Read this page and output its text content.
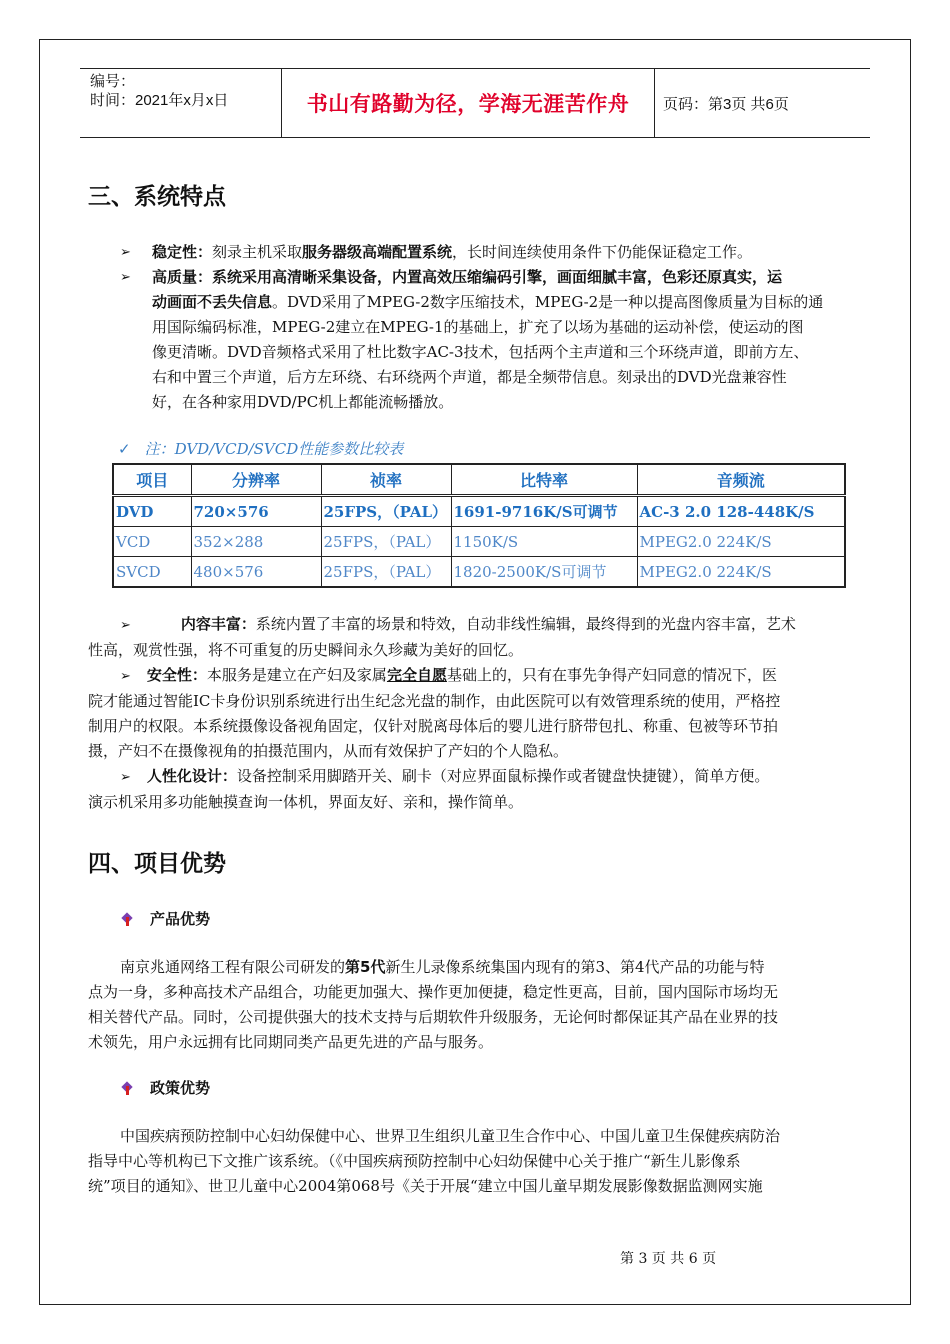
编号：
时间：2021年x月x日	书山有路勤为径，学海无涯苦作舟	页码：第3页 共6页
三、系统特点
➢	稳定性：刻录主机采取服务器级高端配置系统，长时间连续使用条件下仍能保证稳定工作。
➢	高质量：系统采用高清晰采集设备，内置高效压缩编码引擎，画面细腻丰富，色彩还原真实，运
动画面不丢失信息。DVD采用了MPEG-2数字压缩技术，MPEG-2是一种以提高图像质量为目标的通
用国际编码标准，MPEG-2建立在MPEG-1的基础上，扩充了以场为基础的运动补偿，使运动的图
像更清晰。DVD音频格式采用了杜比数字AC-3技术，包括两个主声道和三个环绕声道，即前方左、
右和中置三个声道，后方左环绕、右环绕两个声道，都是全频带信息。刻录出的DVD光盘兼容性
好，在各种家用DVD/PC机上都能流畅播放。
✓ 注：DVD/VCD/SVCD性能参数比较表
项目	分辨率	祯率	比特率	音频流
DVD	720×576	25FPS，（PAL）	1691-9716K/S可调节	AC-3 2.0 128-448K/S
VCD	352×288	25FPS，（PAL）	1150K/S	MPEG2.0 224K/S
SVCD	480×576	25FPS，（PAL）	1820-2500K/S可调节	MPEG2.0 224K/S
➢	内容丰富：系统内置了丰富的场景和特效，自动非线性编辑，最终得到的光盘内容丰富，艺术
性高，观赏性强，将不可重复的历史瞬间永久珍藏为美好的回忆。
➢ 安全性：本服务是建立在产妇及家属完全自愿基础上的，只有在事先争得产妇同意的情况下，医
院才能通过智能IC卡身份识别系统进行出生纪念光盘的制作，由此医院可以有效管理系统的使用，严格控
制用户的权限。本系统摄像设备视角固定，仅针对脱离母体后的婴儿进行脐带包扎、称重、包被等环节拍
摄，产妇不在摄像视角的拍摄范围内，从而有效保护了产妇的个人隐私。
➢ 人性化设计：设备控制采用脚踏开关、刷卡（对应界面鼠标操作或者键盘快捷键），简单方便。
演示机采用多功能触摸查询一体机，界面友好、亲和，操作简单。
四、项目优势
产品优势
南京兆通网络工程有限公司研发的第5代新生儿录像系统集国内现有的第3、第4代产品的功能与特
点为一身，多种高技术产品组合，功能更加强大、操作更加便捷，稳定性更高，目前，国内国际市场均无
相关替代产品。同时，公司提供强大的技术支持与后期软件升级服务，无论何时都保证其产品在业界的技
术领先，用户永远拥有比同期同类产品更先进的产品与服务。
政策优势
中国疾病预防控制中心妇幼保健中心、世界卫生组织儿童卫生合作中心、中国儿童卫生保健疾病防治
指导中心等机构已下文推广该系统。（《中国疾病预防控制中心妇幼保健中心关于推广“新生儿影像系
统”项目的通知》、世卫儿童中心2004第068号《关于开展“建立中国儿童早期发展影像数据监测网实施
第 3 页 共 6 页
